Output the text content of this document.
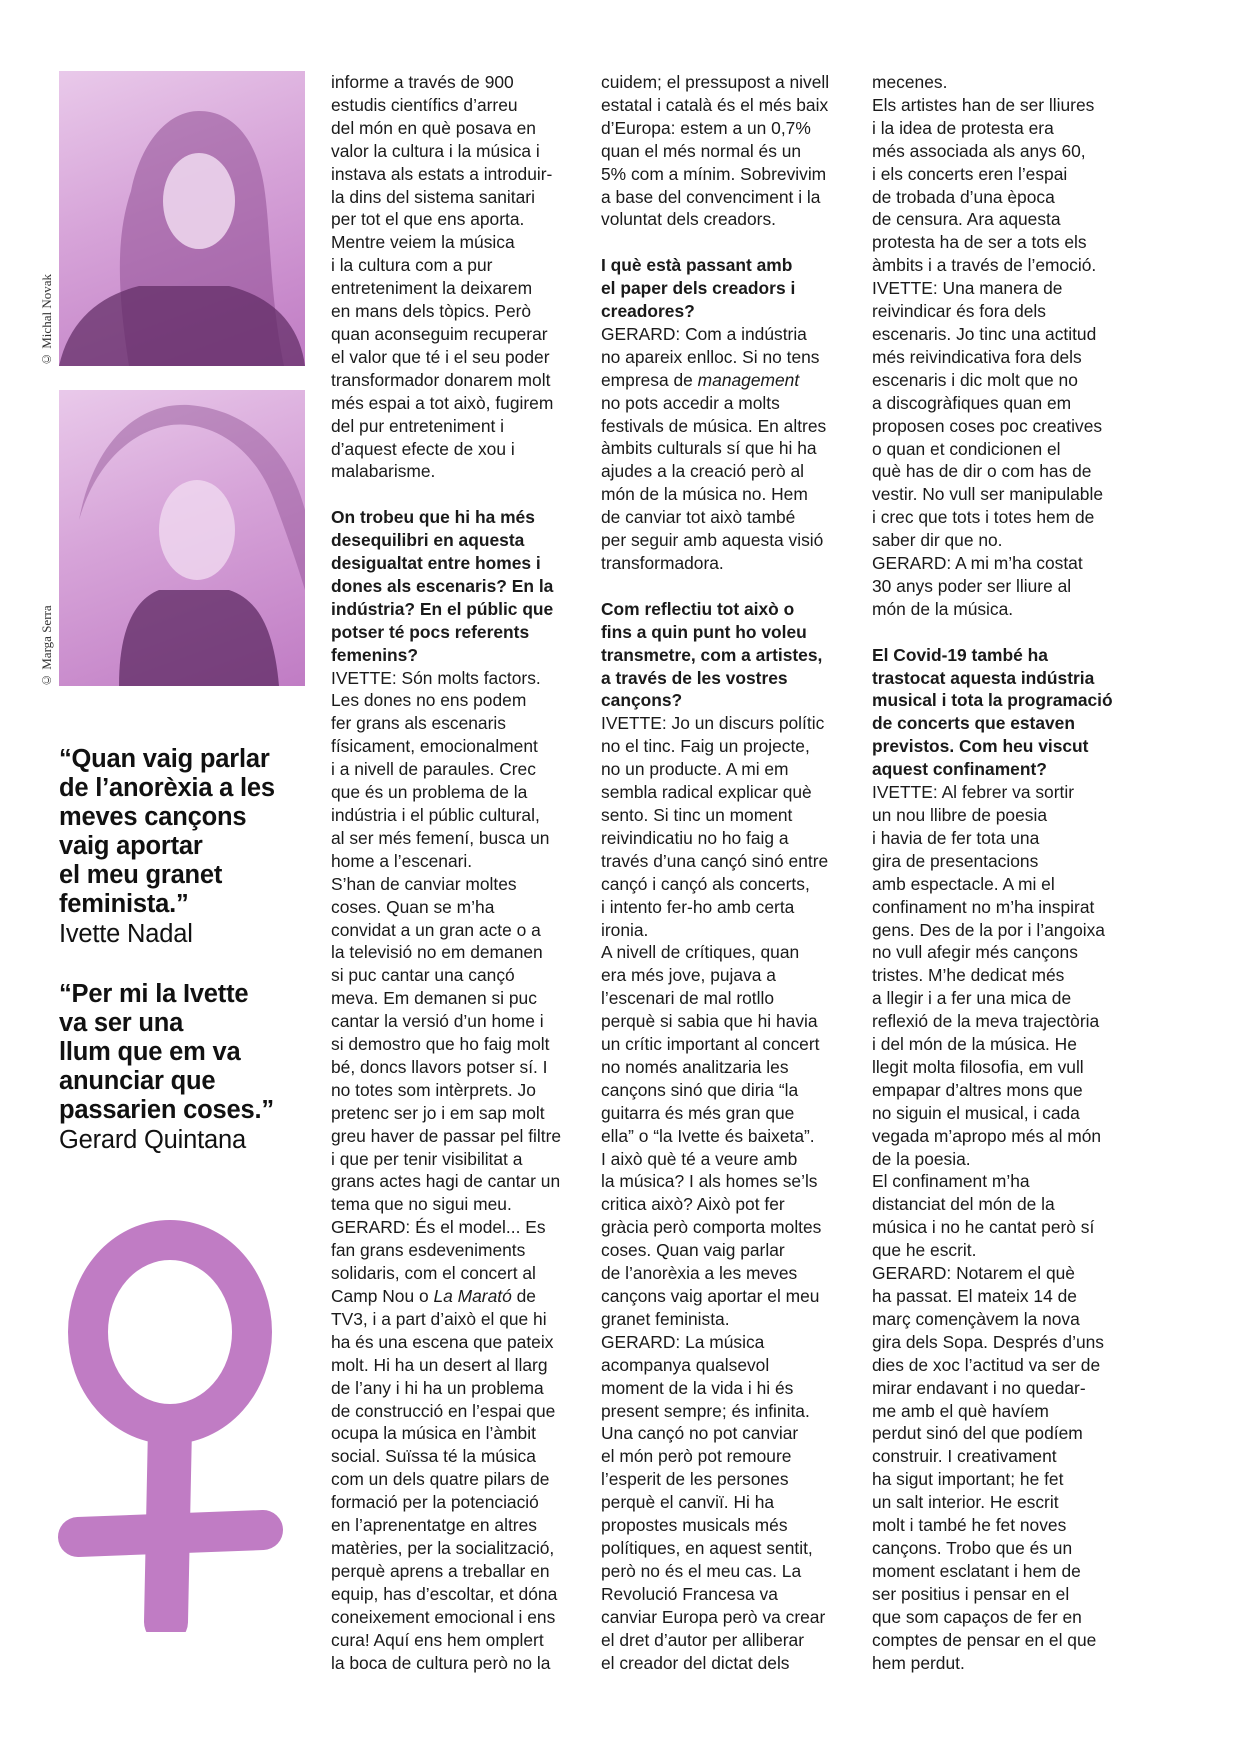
© Michal Novak
© Marga Serra

“Quan vaig parlar

de l’anorèxia a les

meves cançons

vaig aportar

el meu granet

feminista.”

Ivette Nadal

“Per mi la Ivette

va ser una

llum que em va

anunciar que

passarien coses.”

Gerard Quintana

informe a través de 900
estudis científics d’arreu
del món en què posava en
valor la cultura i la música i
instava als estats a introduir-
la dins del sistema sanitari
per tot el que ens aporta.
Mentre veiem la música
i la cultura com a pur
entreteniment la deixarem
en mans dels tòpics. Però
quan aconseguim recuperar
el valor que té i el seu poder
transformador donarem molt
més espai a tot això, fugirem
del pur entreteniment i
d’aquest efecte de xou i
malabarisme.

On trobeu que hi ha més
desequilibri en aquesta
desigualtat entre homes i
dones als escenaris? En la
indústria? En el públic que
potser té pocs referents
femenins?

IVETTE: Són molts factors.
Les dones no ens podem
fer grans als escenaris
físicament, emocionalment
i a nivell de paraules. Crec
que és un problema de la
indústria i el públic cultural,
al ser més femení, busca un
home a l’escenari.
S’han de canviar moltes
coses. Quan se m’ha
convidat a un gran acte o a
la televisió no em demanen
si puc cantar una cançó
meva. Em demanen si puc
cantar la versió d’un home i
si demostro que ho faig molt
bé, doncs llavors potser sí. I
no totes som intèrprets. Jo
pretenc ser jo i em sap molt
greu haver de passar pel filtre
i que per tenir visibilitat a
grans actes hagi de cantar un
tema que no sigui meu.
GERARD: És el model... Es
fan grans esdeveniments
solidaris, com el concert al
Camp Nou o La Marató de
TV3, i a part d’això el que hi
ha és una escena que pateix
molt. Hi ha un desert al llarg
de l’any i hi ha un problema
de construcció en l’espai que
ocupa la música en l’àmbit
social. Suïssa té la música
com un dels quatre pilars de
formació per la potenciació
en l’aprenentatge en altres
matèries, per la socialització,
perquè aprens a treballar en
equip, has d’escoltar, et dóna
coneixement emocional i ens
cura! Aquí ens hem omplert
la boca de cultura però no la

cuidem; el pressupost a nivell
estatal i català és el més baix
d’Europa: estem a un 0,7%
quan el més normal és un
5% com a mínim. Sobrevivim
a base del convenciment i la
voluntat dels creadors.

I què està passant amb
el paper dels creadors i
creadores?

GERARD: Com a indústria
no apareix enlloc. Si no tens
empresa de management
no pots accedir a molts
festivals de música. En altres
àmbits culturals sí que hi ha
ajudes a la creació però al
món de la música no. Hem
de canviar tot això també
per seguir amb aquesta visió
transformadora.

Com reflectiu tot això o
fins a quin punt ho voleu
transmetre, com a artistes,
a través de les vostres
cançons?

IVETTE: Jo un discurs polític
no el tinc. Faig un projecte,
no un producte. A mi em
sembla radical explicar què
sento. Si tinc un moment
reivindicatiu no ho faig a
través d’una cançó sinó entre
cançó i cançó als concerts,
i intento fer-ho amb certa
ironia.
A nivell de crítiques, quan
era més jove, pujava a
l’escenari de mal rotllo
perquè si sabia que hi havia
un crític important al concert
no només analitzaria les
cançons sinó que diria “la
guitarra és més gran que
ella” o “la Ivette és baixeta”.
I això què té a veure amb
la música? I als homes se’ls
critica això? Això pot fer
gràcia però comporta moltes
coses. Quan vaig parlar
de l’anorèxia a les meves
cançons vaig aportar el meu
granet feminista.
GERARD: La música
acompanya qualsevol
moment de la vida i hi és
present sempre; és infinita.
Una cançó no pot canviar
el món però pot remoure
l’esperit de les persones
perquè el canviï. Hi ha
propostes musicals més
polítiques, en aquest sentit,
però no és el meu cas. La
Revolució Francesa va
canviar Europa però va crear
el dret d’autor per alliberar
el creador del dictat dels

mecenes.
Els artistes han de ser lliures
i la idea de protesta era
més associada als anys 60,
i els concerts eren l’espai
de trobada d’una època
de censura. Ara aquesta
protesta ha de ser a tots els
àmbits i a través de l’emoció.
IVETTE: Una manera de
reivindicar és fora dels
escenaris. Jo tinc una actitud
més reivindicativa fora dels
escenaris i dic molt que no
a discogràfiques quan em
proposen coses poc creatives
o quan et condicionen el
què has de dir o com has de
vestir. No vull ser manipulable
i crec que tots i totes hem de
saber dir que no.
GERARD: A mi m’ha costat
30 anys poder ser lliure al
món de la música.

El Covid-19 també ha
trastocat aquesta indústria
musical i tota la programació
de concerts que estaven
previstos. Com heu viscut
aquest confinament?

IVETTE: Al febrer va sortir
un nou llibre de poesia
i havia de fer tota una
gira de presentacions
amb espectacle. A mi el
confinament no m’ha inspirat
gens. Des de la por i l’angoixa
no vull afegir més cançons
tristes. M’he dedicat més
a llegir i a fer una mica de
reflexió de la meva trajectòria
i del món de la música. He
llegit molta filosofia, em vull
empapar d’altres mons que
no siguin el musical, i cada
vegada m’apropo més al món
de la poesia.
El confinament m’ha
distanciat del món de la
música i no he cantat però sí
que he escrit.
GERARD: Notarem el què
ha passat. El mateix 14 de
març començàvem la nova
gira dels Sopa. Després d’uns
dies de xoc l’actitud va ser de
mirar endavant i no quedar-
me amb el què havíem
perdut sinó del que podíem
construir. I creativament
ha sigut important; he fet
un salt interior. He escrit
molt i també he fet noves
cançons. Trobo que és un
moment esclatant i hem de
ser positius i pensar en el
que som capaços de fer en
comptes de pensar en el que
hem perdut.
